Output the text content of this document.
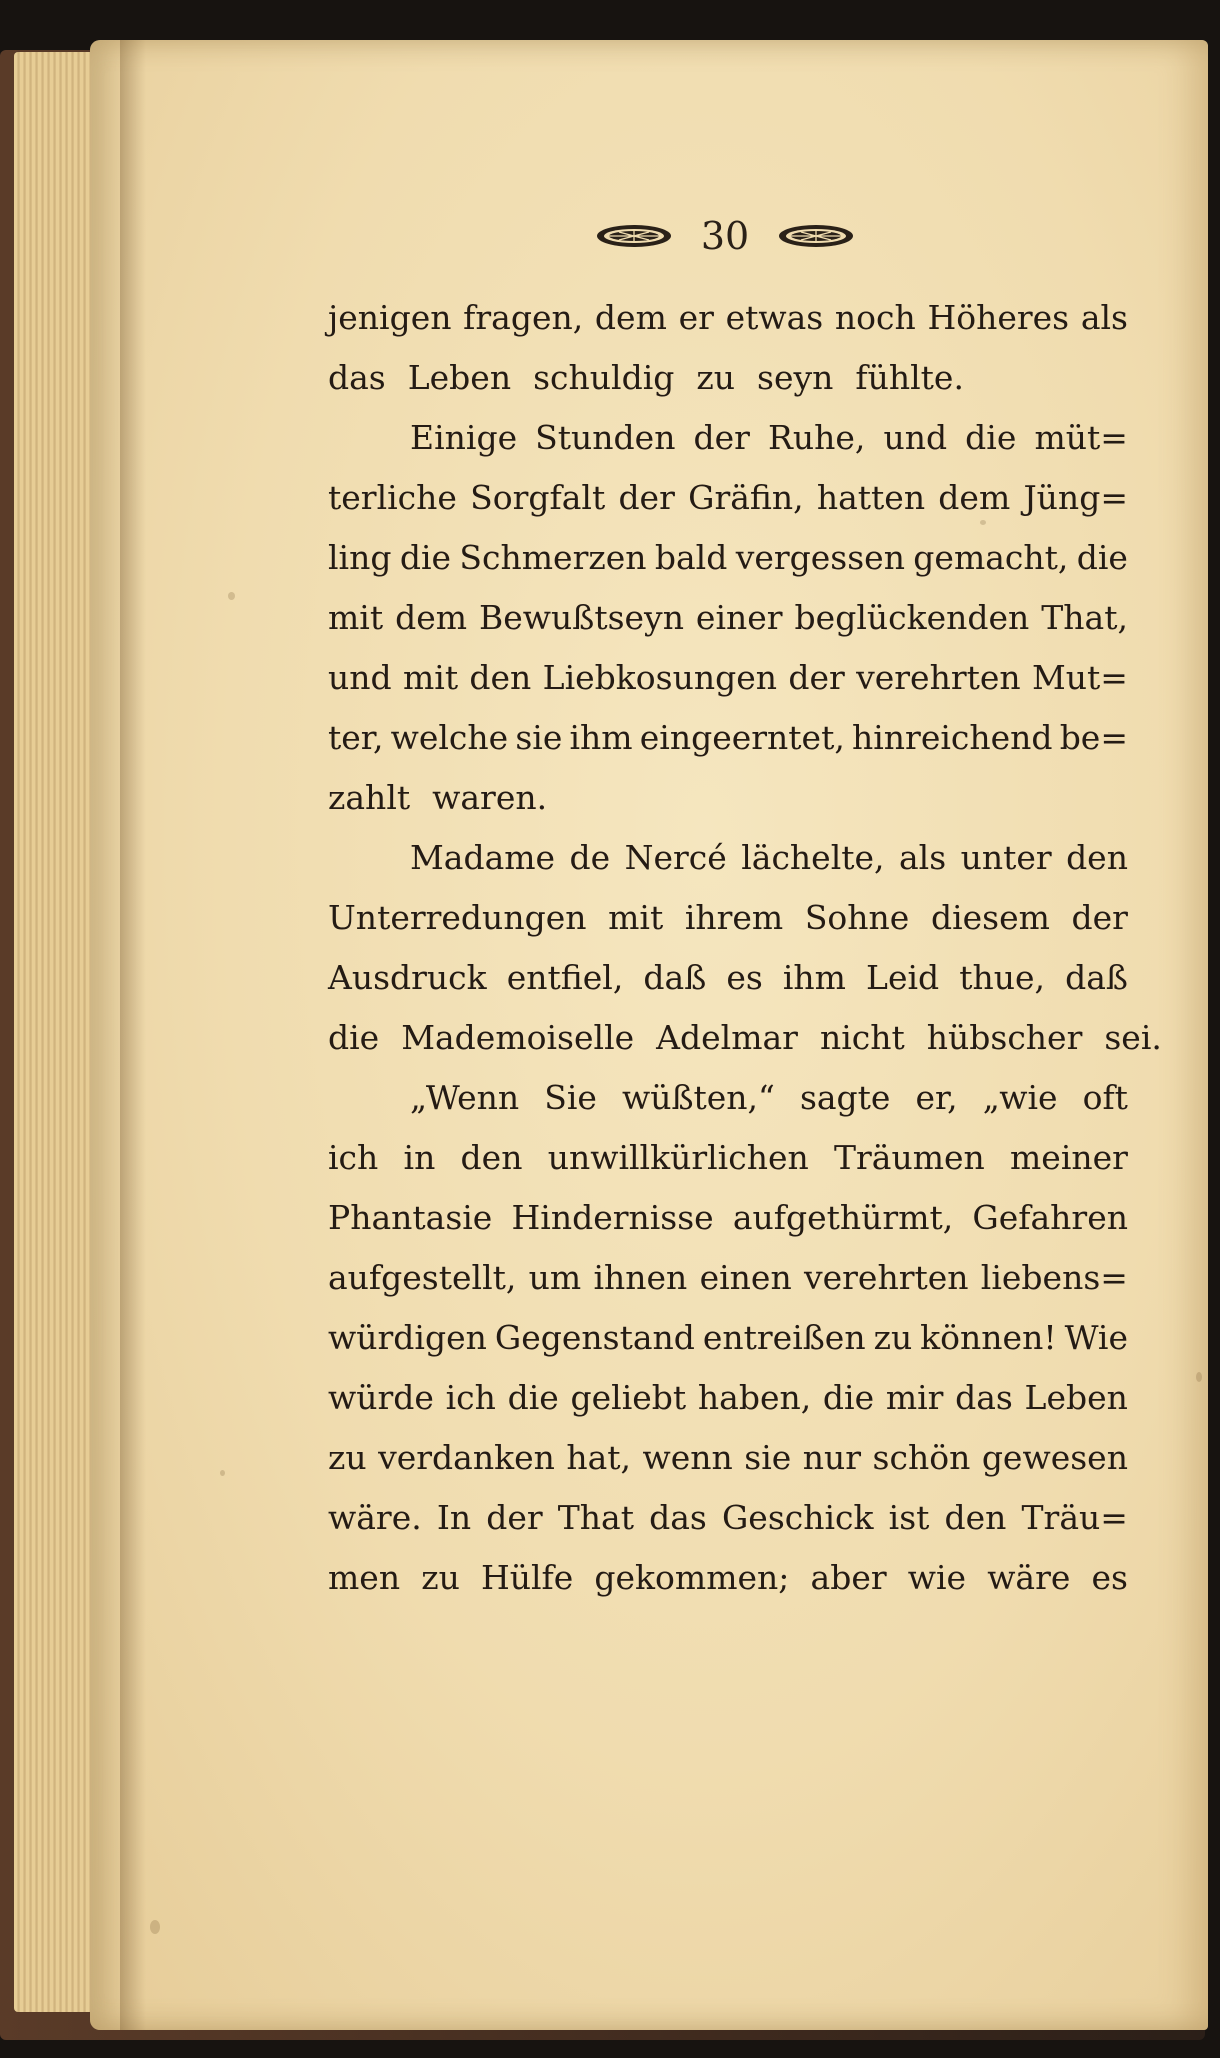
30
jenigen fragen, dem er etwas noch Höheres als
das Leben schuldig zu seyn fühlte.
Einige Stunden der Ruhe, und die müt=
terliche Sorgfalt der Gräfin, hatten dem Jüng=
ling die Schmerzen bald vergessen gemacht, die
mit dem Bewußtseyn einer beglückenden That,
und mit den Liebkosungen der verehrten Mut=
ter, welche sie ihm eingeerntet, hinreichend be=
zahlt waren.
Madame de Nercé lächelte, als unter den
Unterredungen mit ihrem Sohne diesem der
Ausdruck entfiel, daß es ihm Leid thue, daß
die Mademoiselle Adelmar nicht hübscher sei.
„Wenn Sie wüßten,“ sagte er, „wie oft
ich in den unwillkürlichen Träumen meiner
Phantasie Hindernisse aufgethürmt, Gefahren
aufgestellt, um ihnen einen verehrten liebens=
würdigen Gegenstand entreißen zu können! Wie
würde ich die geliebt haben, die mir das Leben
zu verdanken hat, wenn sie nur schön gewesen
wäre. In der That das Geschick ist den Träu=
men zu Hülfe gekommen; aber wie wäre es
